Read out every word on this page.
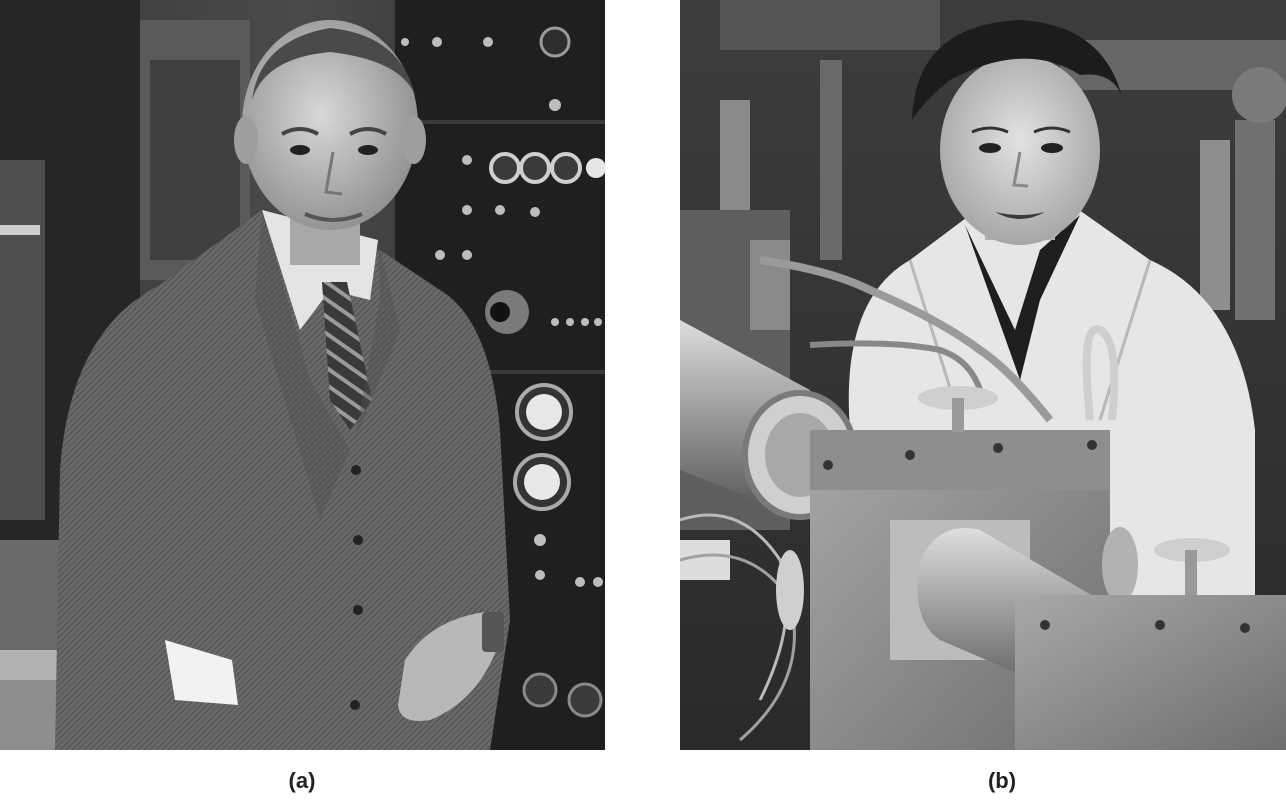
(a)	(b)
